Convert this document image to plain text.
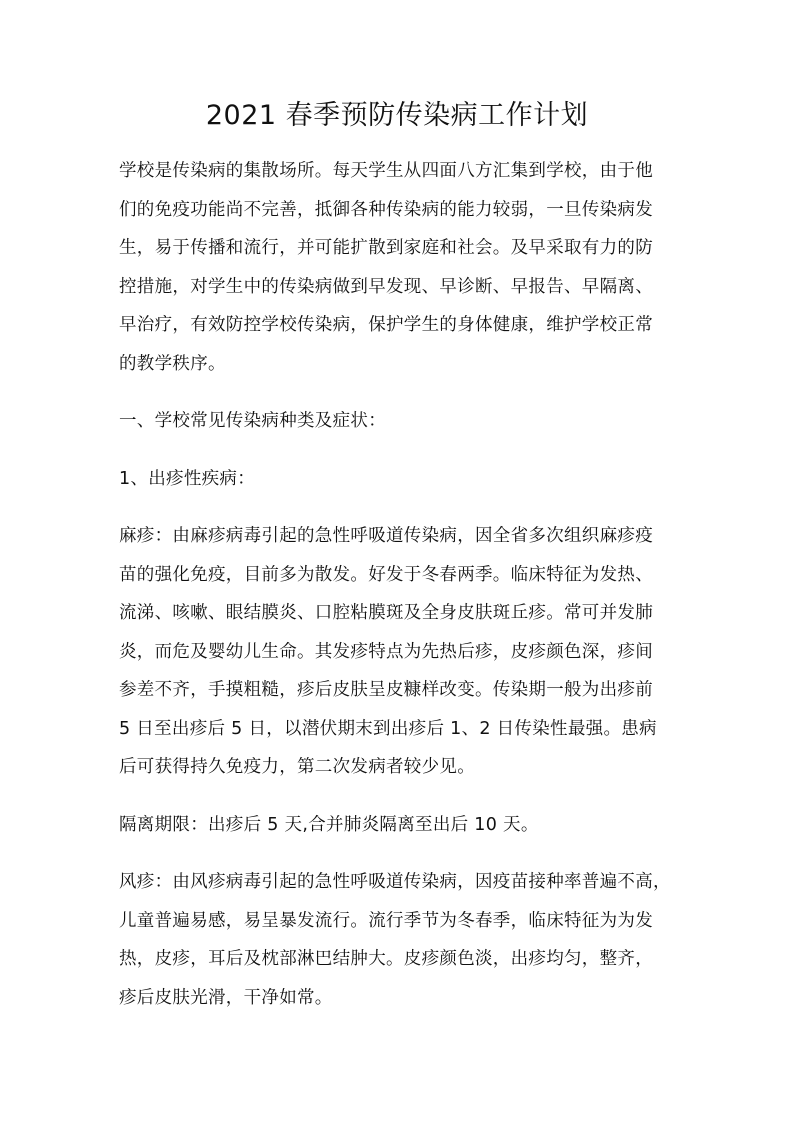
2021 春季预防传染病工作计划
学校是传染病的集散场所。每天学生从四面八方汇集到学校，由于他
们的免疫功能尚不完善，抵御各种传染病的能力较弱，一旦传染病发
生，易于传播和流行，并可能扩散到家庭和社会。及早采取有力的防
控措施，对学生中的传染病做到早发现、早诊断、早报告、早隔离、
早治疗，有效防控学校传染病，保护学生的身体健康，维护学校正常
的教学秩序。
一、学校常见传染病种类及症状：
1、出疹性疾病：
麻疹：由麻疹病毒引起的急性呼吸道传染病，因全省多次组织麻疹疫
苗的强化免疫，目前多为散发。好发于冬春两季。临床特征为发热、
流涕、咳嗽、眼结膜炎、口腔粘膜斑及全身皮肤斑丘疹。常可并发肺
炎，而危及婴幼儿生命。其发疹特点为先热后疹，皮疹颜色深，疹间
参差不齐，手摸粗糙，疹后皮肤呈皮糠样改变。传染期一般为出疹前
5 日至出疹后 5 日，以潜伏期末到出疹后 1、2 日传染性最强。患病
后可获得持久免疫力，第二次发病者较少见。
隔离期限：出疹后 5 天,合并肺炎隔离至出后 10 天。
风疹：由风疹病毒引起的急性呼吸道传染病，因疫苗接种率普遍不高，
儿童普遍易感，易呈暴发流行。流行季节为冬春季，临床特征为为发
热，皮疹，耳后及枕部淋巴结肿大。皮疹颜色淡，出疹均匀，整齐，
疹后皮肤光滑，干净如常。
